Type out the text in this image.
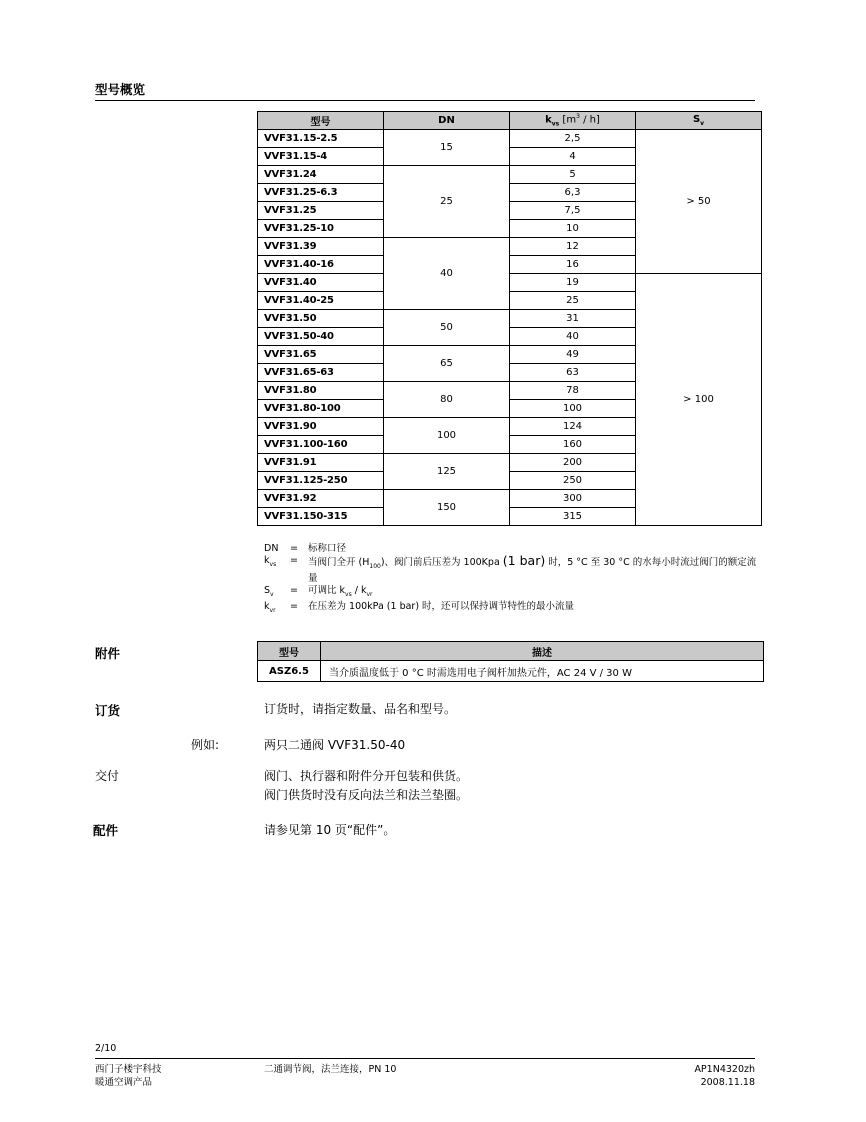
型号概览
型号	DN	$k_{vs}$ $[m^3 / h]$	$S_v$
VVF31.15-2.5	15	2,5	> 50
VVF31.15-4		4	
VVF31.24	25	5	
VVF31.25-6.3		6,3	
VVF31.25		7,5	
VVF31.25-10		10	
VVF31.39	40	12	
VVF31.40-16		16	
VVF31.40		19	> 100
VVF31.40-25		25	
VVF31.50	50	31	
VVF31.50-40		40	
VVF31.65	65	49	
VVF31.65-63		63	
VVF31.80	80	78	
VVF31.80-100		100	
VVF31.90	100	124	
VVF31.100-160		160	
VVF31.91	125	200	
VVF31.125-250		250	
VVF31.92	150	300	
VVF31.150-315		315	
DN	=	标称口径
$k_{vs}$	=	当阀门全开 $(H_{100})$、阀门前后压差为 100Kpa (1 bar) 时，5 °C 至 30 °C 的水每小时流过阀门的额定流量
$S_v$	=	可调比 $k_{vs} / k_{vr}$
$k_{vr}$	=	在压差为 100kPa (1 bar) 时，还可以保持调节特性的最小流量
附件	型号	描述
ASZ6.5	当介质温度低于 0 °C 时需选用电子阀杆加热元件，AC 24 V / 30 W
订货	订货时，请指定数量、品名和型号。
例如:	两只二通阀 VVF31.50-40
交付	阀门、执行器和附件分开包装和供货。
阀门供货时没有反向法兰和法兰垫圈。
配件	请参见第 10 页“配件”。
2/10
西门子楼宇科技
暖通空调产品
二通调节阀，法兰连接，PN 10	AP1N4320zh
2008.11.18
